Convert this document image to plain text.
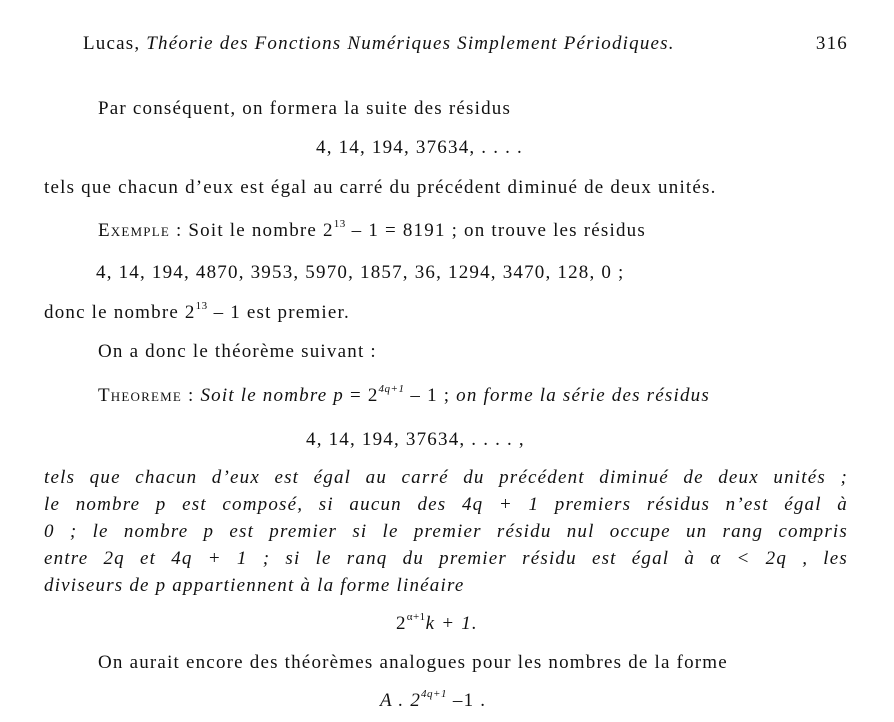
Lucas, Théorie des Fonctions Numériques Simplement Périodiques.	316
Par conséquent, on formera la suite des résidus
4, 14, 194, 37634, . . . .
tels que chacun d’eux est égal au carré du précédent diminué de deux unités.
Exemple : Soit le nombre $2^{13} - 1 = 8191$ ; on trouve les résidus
4, 14, 194, 4870, 3953, 5970, 1857, 36, 1294, 3470, 128, 0 ;
donc le nombre $2^{13} - 1$ est premier.
On a donc le théorème suivant :
Theoreme : Soit le nombre $p = 2^{4q+1} - 1$ ; on forme la série des résidus
4, 14, 194, 37634, . . . . ,
tels que chacun d’eux est égal au carré du précédent diminué de deux unités ;
le nombre p est composé, si aucun des 4q + 1 premiers résidus n’est égal à
0 ; le nombre p est premier si le premier résidu nul occupe un rang compris
entre 2q et 4q + 1 ; si le ranq du premier résidu est égal à α < 2q , les
diviseurs de p appartiennent à la forme linéaire
$2^{\alpha+1}k + 1$.
On aurait encore des théorèmes analogues pour les nombres de la forme
A . $2^{4q+1}$ –1 .
